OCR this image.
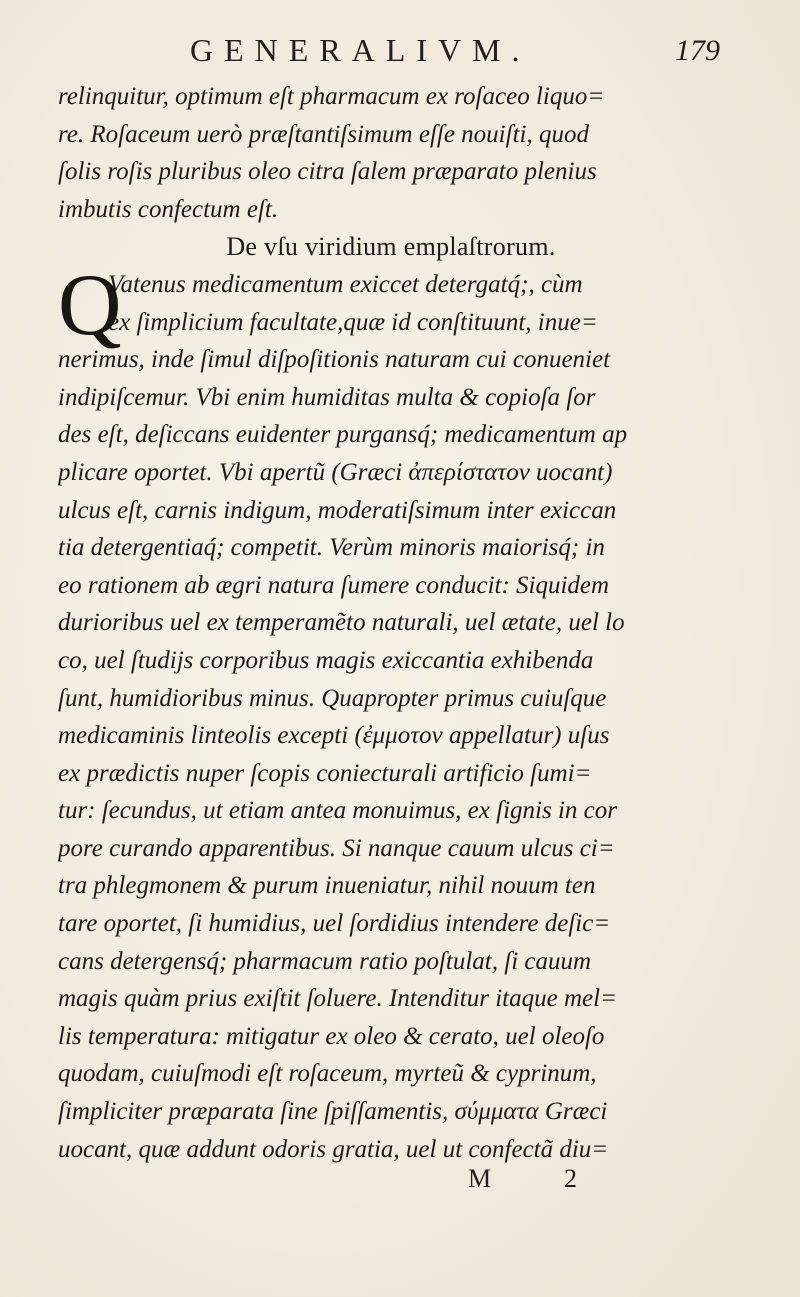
GENERALIVM.	179
Q
relinquitur, optimum eſt pharmacum ex roſaceo liquo=
re. Roſaceum uerò præſtantiſsimum eſſe nouiſti, quod
ſolis roſis pluribus oleo citra ſalem præparato plenius
imbutis confectum eſt.
De vſu viridium emplaſtrorum.
Vatenus medicamentum exiccet detergatq́;, cùm
ex ſimplicium facultate,quæ id conſtituunt, inue=
nerimus, inde ſimul diſpoſitionis naturam cui conueniet
indipiſcemur. Vbi enim humiditas multa & copioſa ſor
des eſt, deſiccans euidenter purgansq́; medicamentum ap
plicare oportet. Vbi apertũ (Græci ἀπερίστατον uocant)
ulcus eſt, carnis indigum, moderatiſsimum inter exiccan
tia detergentiaq́; competit. Verùm minoris maiorisq́; in
eo rationem ab ægri natura ſumere conducit: Siquidem
durioribus uel ex temperamẽto naturali, uel ætate, uel lo
co, uel ſtudijs corporibus magis exiccantia exhibenda
ſunt, humidioribus minus. Quapropter primus cuiuſque
medicaminis linteolis excepti (ἐμμοτον appellatur) uſus
ex prædictis nuper ſcopis coniecturali artificio ſumi=
tur: ſecundus, ut etiam antea monuimus, ex ſignis in cor
pore curando apparentibus. Si nanque cauum ulcus ci=
tra phlegmonem & purum inueniatur, nihil nouum ten
tare oportet, ſi humidius, uel ſordidius intendere deſic=
cans detergensq́; pharmacum ratio poſtulat, ſi cauum
magis quàm prius exiſtit ſoluere. Intenditur itaque mel=
lis temperatura: mitigatur ex oleo & cerato, uel oleoſo
quodam, cuiuſmodi eſt roſaceum, myrteũ & cyprinum,
ſimpliciter præparata ſine ſpiſſamentis, σύμματα Græci
uocant, quæ addunt odoris gratia, uel ut confectã diu=
M	2
